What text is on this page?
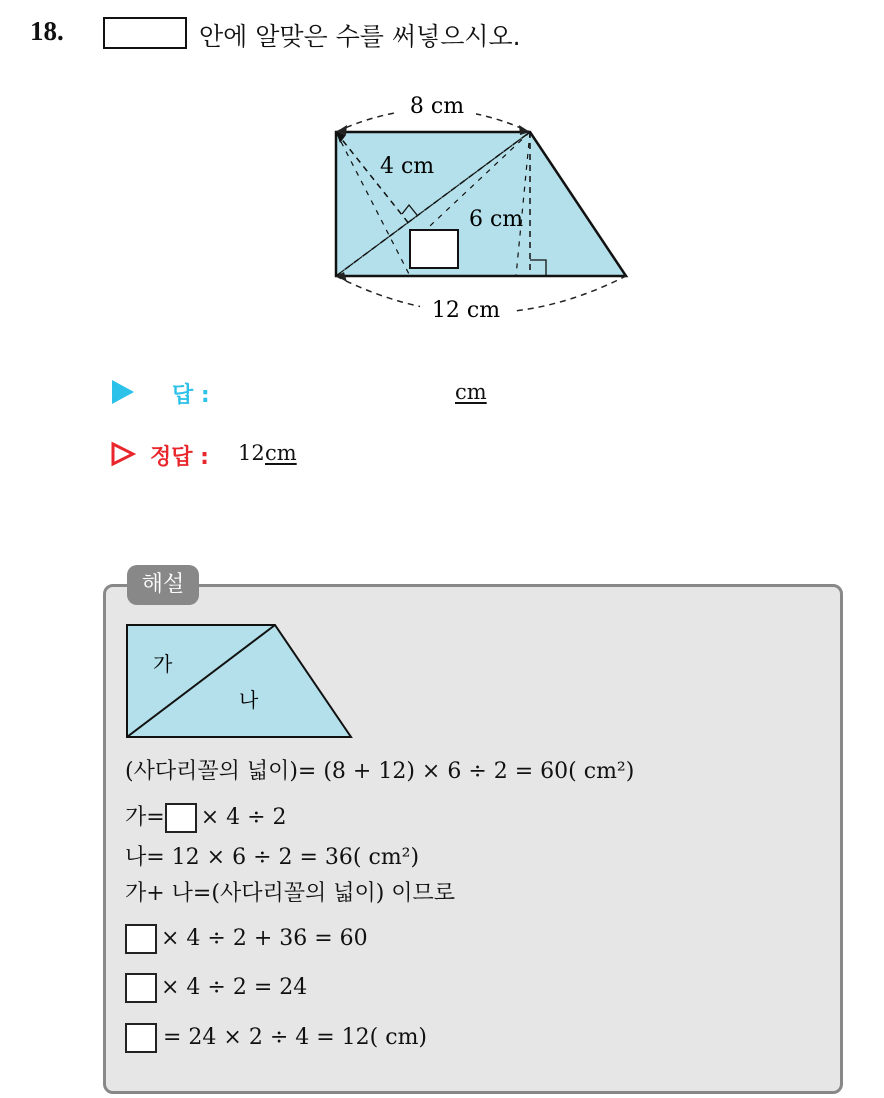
18.	안에 알맞은 수를 써넣으시오.
8 cm
12 cm
4 cm
6 cm
답 :	cm
정답 : 12 cm
해설
가
나
(사다리꼴의 넓이)= (8 + 12) × 6 ÷ 2 = 60( cm²)
가= × 4 ÷ 2
나= 12 × 6 ÷ 2 = 36( cm²)
가+ 나=(사다리꼴의 넓이) 이므로
× 4 ÷ 2 + 36 = 60
× 4 ÷ 2 = 24
= 24 × 2 ÷ 4 = 12( cm)
